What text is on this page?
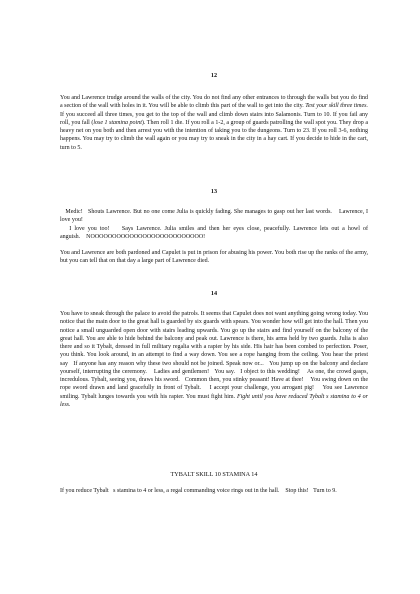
12

You and Lawrence trudge around the walls of the city. You do not find any other entrances to through the walls but you do find a section of the wall with holes in it. You will be able to climb this part of the wall to get into the city. Test your skill three times. If you succeed all three times, you get to the top of the wall and climb down stairs into Salamonis. Turn to 10. If you fail any roll, you fall (lose 1 stamina point). Then roll 1 die. If you roll a 1-2, a group of guards patrolling the wall spot you. They drop a heavy net on you both and then arrest you with the intention of taking you to the dungeons. Turn to 23. If you roll 3-6, nothing happens. You may try to climb the wall again or you may try to sneak in the city in a hay cart. If you decide to hide in the cart, turn to 5.

13

Medic!   Shouts Lawrence. But no one come Julia is quickly fading. She manages to gasp out her last words.    Lawrence, I love you!

I love you too!    Says Lawrence. Julia smiles and then her eyes close, peacefully. Lawrence lets out a howl of anguish.    NOOOOOOOOOOOOOOOOOOOOOOOOOO!

You and Lawrence are both pardoned and Capulet is put in prison for abusing his power. You both rise up the ranks of the army, but you can tell that on that day a large part of Lawrence died.

14

You have to sneak through the palace to avoid the patrols. It seems that Capulet does not want anything going wrong today. You notice that the main door to the great hall is guarded by six guards with spears. You wonder how will get into the hall. Then you notice a small unguarded open door with stairs leading upwards. You go up the stairs and find yourself on the balcony of the great hall. You are able to hide behind the balcony and peak out. Lawrence is there, his arms held by two guards. Julia is also there and so it Tybalt, dressed in full military regalia with a rapier by his side. His hair has been combed to perfection. Poser, you think. You look around, in an attempt to find a way down. You see a rope hanging from the ceiling. You hear the priest say   If anyone has any reason why these two should not be joined. Speak now or...   You jump up on the balcony and declare yourself, interrupting the ceremony.    Ladies and gentlemen!   You say.   I object to this wedding!    As one, the crowd gasps, incredulous. Tybalt, seeing you, draws his sword.   Common then, you stinky peasant! Have at thee!    You swing down on the rope sword drawn and land gracefully in front of Tybalt.    I accept your challenge, you arrogant pig!    You see Lawrence smiling. Tybalt lunges towards you with his rapier. You must fight him. Fight until you have reduced Tybalt s stamina to 4 or less.

TYBALT SKILL 10 STAMINA 14

If you reduce Tybalt   s stamina to 4 or less, a regal commanding voice rings out in the hall.    Stop this!   Turn to 9.
